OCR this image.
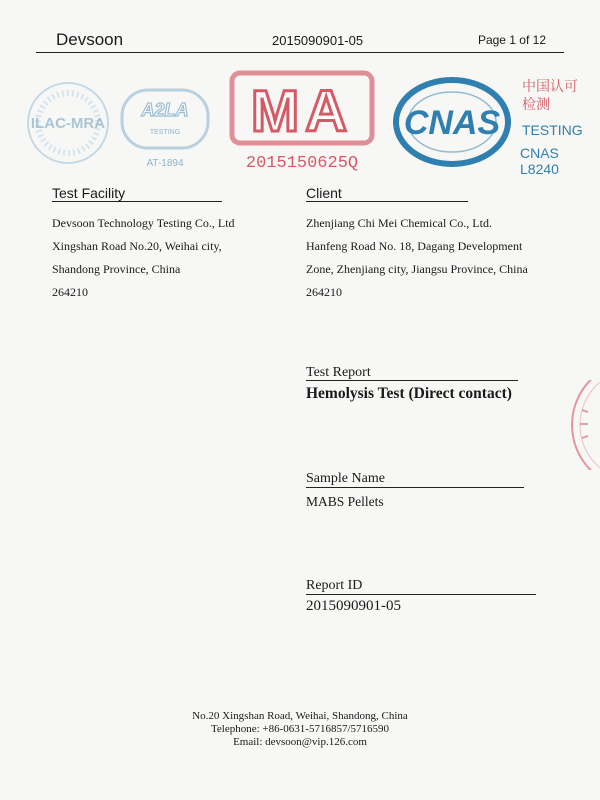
Devsoon	2015090901-05	Page 1 of 12
ILAC-MRA
A2LA
TESTING
AT-1894
MA
2015150625Q
CNAS
中国认可
检测
TESTING
CNAS L8240
Test Facility
Devsoon Technology Testing Co., Ltd
Xingshan Road No.20, Weihai city,
Shandong Province, China
264210
Client
Zhenjiang Chi Mei Chemical Co., Ltd.
Hanfeng Road No. 18, Dagang Development
Zone, Zhenjiang city, Jiangsu Province, China
264210
Test Report
Hemolysis Test (Direct contact)
Sample Name
MABS Pellets
Report ID
2015090901-05
No.20 Xingshan Road, Weihai, Shandong, China
Telephone: +86-0631-5716857/5716590
Email: devsoon@vip.126.com
